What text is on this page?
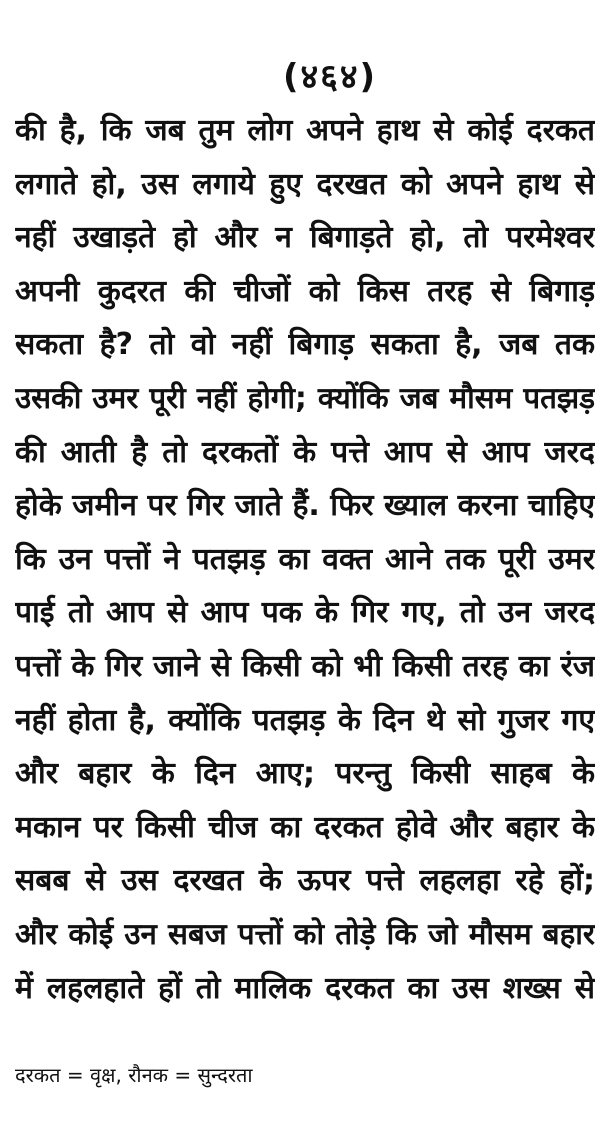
(४६४)
की है, कि जब तुम लोग अपने हाथ से कोई दरकत
लगाते हो, उस लगाये हुए दरखत को अपने हाथ से
नहीं उखाड़ते हो और न बिगाड़ते हो, तो परमेश्वर
अपनी कुदरत की चीजों को किस तरह से बिगाड़
सकता है? तो वो नहीं बिगाड़ सकता है, जब तक
उसकी उमर पूरी नहीं होगी; क्योंकि जब मौसम पतझड़
की आती है तो दरकतों के पत्ते आप से आप जरद
होके जमीन पर गिर जाते हैं. फिर ख्याल करना चाहिए
कि उन पत्तों ने पतझड़ का वक्त आने तक पूरी उमर
पाई तो आप से आप पक के गिर गए, तो उन जरद
पत्तों के गिर जाने से किसी को भी किसी तरह का रंज
नहीं होता है, क्योंकि पतझड़ के दिन थे सो गुजर गए
और बहार के दिन आए; परन्तु किसी साहब के
मकान पर किसी चीज का दरकत होवे और बहार के
सबब से उस दरखत के ऊपर पत्ते लहलहा रहे हों;
और कोई उन सबज पत्तों को तोड़े कि जो मौसम बहार
में लहलहाते हों तो मालिक दरकत का उस शख्स से
दरकत = वृक्ष, रौनक = सुन्दरता
